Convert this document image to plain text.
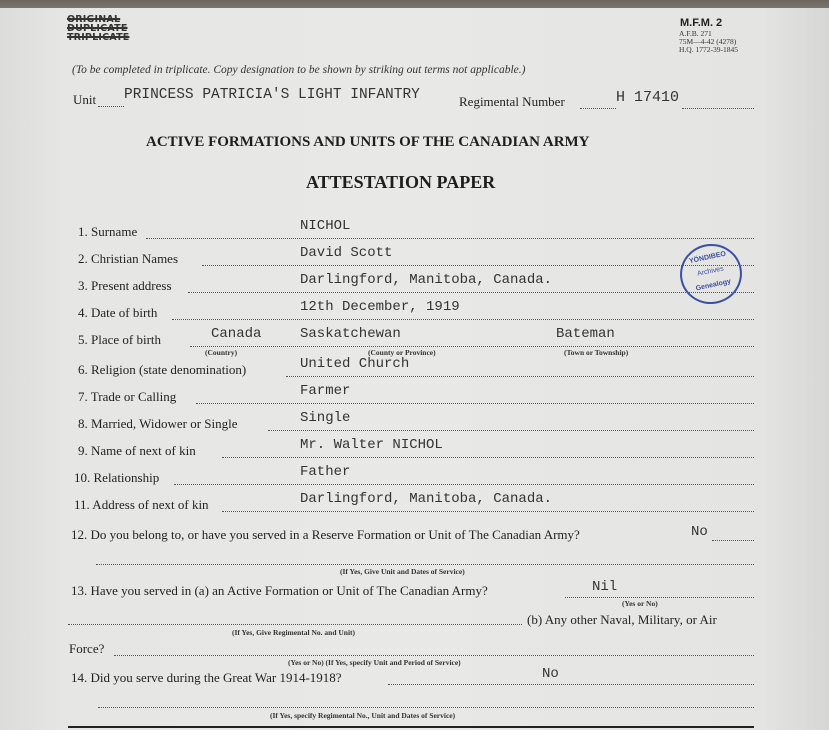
ORIGINAL
DUPLICATE
TRIPLICATE
M.F.M. 2
A.F.B. 271
75M—4-42 (4278)
H.Q. 1772-39-1845
(To be completed in triplicate. Copy designation to be shown by striking out terms not applicable.)
Unit PRINCESS PATRICIA'S LIGHT INFANTRY	Regimental Number	H 17410
ACTIVE FORMATIONS AND UNITS OF THE CANADIAN ARMY
ATTESTATION PAPER
YÖNDIBEO
Archives
Genealogy
1. Surname	NICHOL
2. Christian Names	David Scott
3. Present address	Darlingford, Manitoba, Canada.
4. Date of birth	12th December, 1919
5. Place of birth	Canada	Saskatchewan	Bateman
(Country)	(County or Province)	(Town or Township)
6. Religion (state denomination)	United Church
7. Trade or Calling	Farmer
8. Married, Widower or Single	Single
9. Name of next of kin	Mr. Walter NICHOL
10. Relationship	Father
11. Address of next of kin	Darlingford, Manitoba, Canada.
12. Do you belong to, or have you served in a Reserve Formation or Unit of The Canadian Army?	No
(If Yes, Give Unit and Dates of Service)
13. Have you served in (a) an Active Formation or Unit of The Canadian Army?	Nil
(Yes or No)
(b) Any other Naval, Military, or Air
(If Yes, Give Regimental No. and Unit)
Force?
(Yes or No) (If Yes, specify Unit and Period of Service)
14. Did you serve during the Great War 1914-1918?	No
(If Yes, specify Regimental No., Unit and Dates of Service)
